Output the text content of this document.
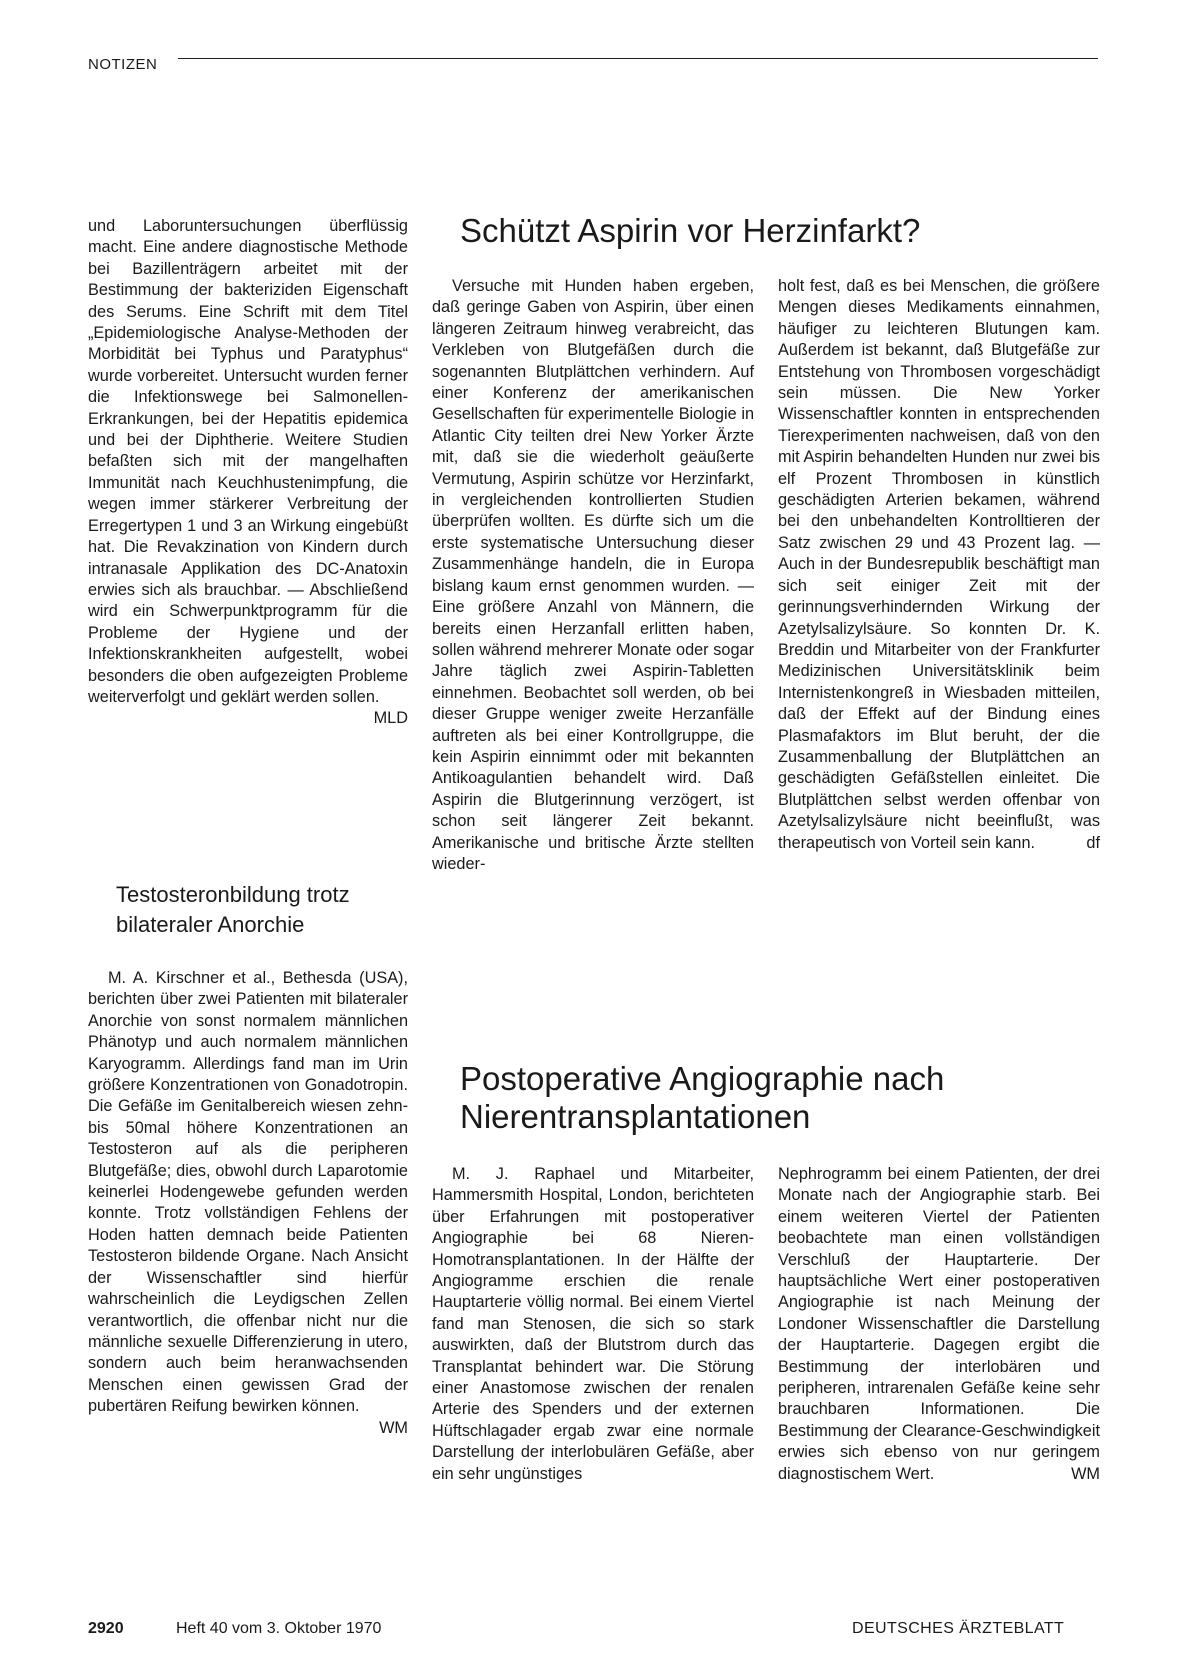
NOTIZEN

und Laboruntersuchungen überflüssig macht. Eine andere diagnostische Methode bei Bazillenträgern arbeitet mit der Bestimmung der bakteriziden Eigenschaft des Serums. Eine Schrift mit dem Titel „Epidemiologische Analyse-Methoden der Morbidität bei Typhus und Paratyphus“ wurde vorbereitet. Untersucht wurden ferner die Infektionswege bei Salmonellen-Erkrankungen, bei der Hepatitis epidemica und bei der Diphtherie. Weitere Studien befaßten sich mit der mangelhaften Immunität nach Keuchhustenimpfung, die wegen immer stärkerer Verbreitung der Erregertypen 1 und 3 an Wirkung eingebüßt hat. Die Revakzination von Kindern durch intranasale Applikation des DC-Anatoxin erwies sich als brauchbar. — Abschließend wird ein Schwerpunktprogramm für die Probleme der Hygiene und der Infektionskrankheiten aufgestellt, wobei besonders die oben aufgezeigten Probleme weiterverfolgt und geklärt werden sollen.
MLD

Testosteronbildung trotz bilateraler Anorchie

M. A. Kirschner et al., Bethesda (USA), berichten über zwei Patienten mit bilateraler Anorchie von sonst normalem männlichen Phänotyp und auch normalem männlichen Karyogramm. Allerdings fand man im Urin größere Konzentrationen von Gonadotropin. Die Gefäße im Genitalbereich wiesen zehn- bis 50mal höhere Konzentrationen an Testosteron auf als die peripheren Blutgefäße; dies, obwohl durch Laparotomie keinerlei Hodengewebe gefunden werden konnte. Trotz vollständigen Fehlens der Hoden hatten demnach beide Patienten Testosteron bildende Organe. Nach Ansicht der Wissenschaftler sind hierfür wahrscheinlich die Leydigschen Zellen verantwortlich, die offenbar nicht nur die männliche sexuelle Differenzierung in utero, sondern auch beim heranwachsenden Menschen einen gewissen Grad der pubertären Reifung bewirken können.
WM

Schützt Aspirin vor Herzinfarkt?

Versuche mit Hunden haben ergeben, daß geringe Gaben von Aspirin, über einen längeren Zeitraum hinweg verabreicht, das Verkleben von Blutgefäßen durch die sogenannten Blutplättchen verhindern. Auf einer Konferenz der amerikanischen Gesellschaften für experimentelle Biologie in Atlantic City teilten drei New Yorker Ärzte mit, daß sie die wiederholt geäußerte Vermutung, Aspirin schütze vor Herzinfarkt, in vergleichenden kontrollierten Studien überprüfen wollten. Es dürfte sich um die erste systematische Untersuchung dieser Zusammenhänge handeln, die in Europa bislang kaum ernst genommen wurden. — Eine größere Anzahl von Männern, die bereits einen Herzanfall erlitten haben, sollen während mehrerer Monate oder sogar Jahre täglich zwei Aspirin-Tabletten einnehmen. Beobachtet soll werden, ob bei dieser Gruppe weniger zweite Herzanfälle auftreten als bei einer Kontrollgruppe, die kein Aspirin einnimmt oder mit bekannten Antikoagulantien behandelt wird. Daß Aspirin die Blutgerinnung verzögert, ist schon seit längerer Zeit bekannt. Amerikanische und britische Ärzte stellten wieder-

holt fest, daß es bei Menschen, die größere Mengen dieses Medikaments einnahmen, häufiger zu leichteren Blutungen kam. Außerdem ist bekannt, daß Blutgefäße zur Entstehung von Thrombosen vorgeschädigt sein müssen. Die New Yorker Wissenschaftler konnten in entsprechenden Tierexperimenten nachweisen, daß von den mit Aspirin behandelten Hunden nur zwei bis elf Prozent Thrombosen in künstlich geschädigten Arterien bekamen, während bei den unbehandelten Kontrolltieren der Satz zwischen 29 und 43 Prozent lag. — Auch in der Bundesrepublik beschäftigt man sich seit einiger Zeit mit der gerinnungsverhindernden Wirkung der Azetylsalizylsäure. So konnten Dr. K. Breddin und Mitarbeiter von der Frankfurter Medizinischen Universitätsklinik beim Internistenkongreß in Wiesbaden mitteilen, daß der Effekt auf der Bindung eines Plasmafaktors im Blut beruht, der die Zusammenballung der Blutplättchen an geschädigten Gefäßstellen einleitet. Die Blutplättchen selbst werden offenbar von Azetylsalizylsäure nicht beeinflußt, was therapeutisch von Vorteil sein kann.	df

Postoperative Angiographie nach Nierentransplantationen

M. J. Raphael und Mitarbeiter, Hammersmith Hospital, London, berichteten über Erfahrungen mit postoperativer Angiographie bei 68 Nieren-Homotransplantationen. In der Hälfte der Angiogramme erschien die renale Hauptarterie völlig normal. Bei einem Viertel fand man Stenosen, die sich so stark auswirkten, daß der Blutstrom durch das Transplantat behindert war. Die Störung einer Anastomose zwischen der renalen Arterie des Spenders und der externen Hüftschlagader ergab zwar eine normale Darstellung der interlobulären Gefäße, aber ein sehr ungünstiges

Nephrogramm bei einem Patienten, der drei Monate nach der Angiographie starb. Bei einem weiteren Viertel der Patienten beobachtete man einen vollständigen Verschluß der Hauptarterie. Der hauptsächliche Wert einer postoperativen Angiographie ist nach Meinung der Londoner Wissenschaftler die Darstellung der Hauptarterie. Dagegen ergibt die Bestimmung der interlobären und peripheren, intrarenalen Gefäße keine sehr brauchbaren Informationen. Die Bestimmung der Clearance-Geschwindigkeit erwies sich ebenso von nur geringem diagnostischem Wert.	WM

2920	Heft 40 vom 3. Oktober 1970	DEUTSCHES ÄRZTEBLATT
